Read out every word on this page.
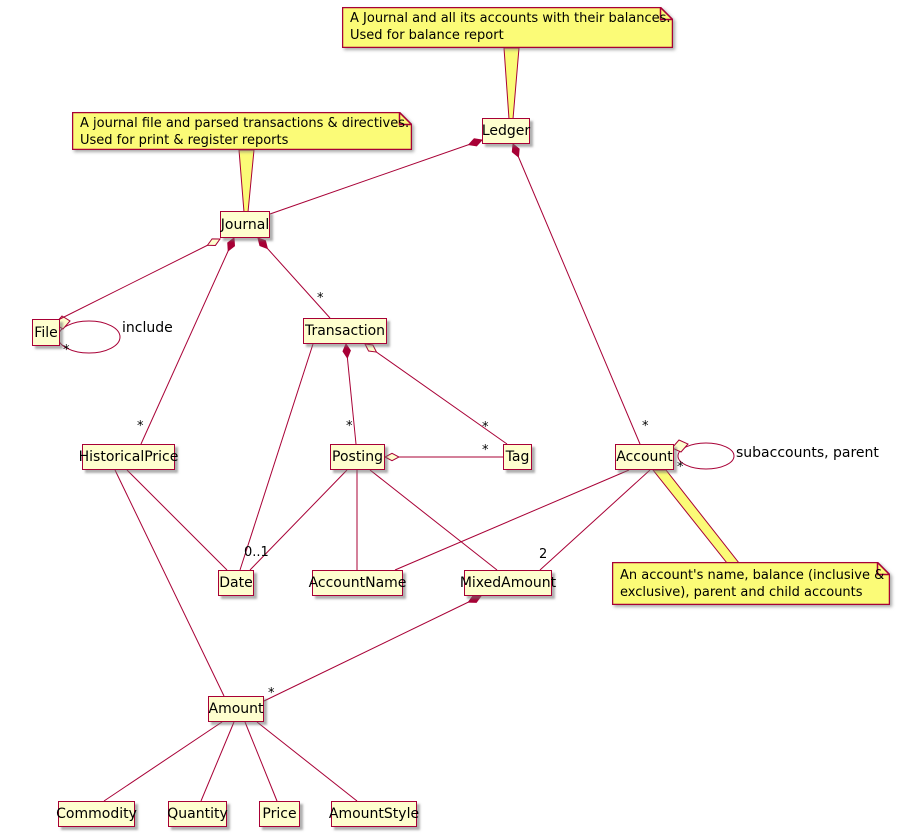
A Journal and all its accounts with their balances.
Used for balance report
A journal file and parsed transactions & directives.
Used for print & register reports
An account's name, balance (inclusive &
exclusive), parent and child accounts
Ledger
Journal
File	Transaction
HistoricalPrice	Posting	Tag	Account
Date	AccountName	MixedAmount
Amount
Commodity Quantity Price AmountStyle
*
include
*
*	*	*
*
*
*
subaccounts, parent
*
0..1	2
